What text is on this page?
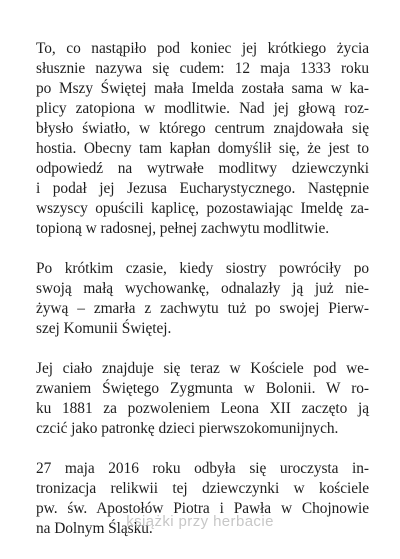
To, co nastąpiło pod koniec jej krótkiego życia
słusznie nazywa się cudem: 12 maja 1333 roku
po Mszy Świętej mała Imelda została sama w ka-
plicy zatopiona w modlitwie. Nad jej głową roz-
błysło światło, w którego centrum znajdowała się
hostia. Obecny tam kapłan domyślił się, że jest to
odpowiedź na wytrwałe modlitwy dziewczynki
i podał jej Jezusa Eucharystycznego. Następnie
wszyscy opuścili kaplicę, pozostawiając Imeldę za-
topioną w radosnej, pełnej zachwytu modlitwie.

Po krótkim czasie, kiedy siostry powróciły po
swoją małą wychowankę, odnalazły ją już nie-
żywą – zmarła z zachwytu tuż po swojej Pierw-
szej Komunii Świętej.

Jej ciało znajduje się teraz w Kościele pod we-
zwaniem Świętego Zygmunta w Bolonii. W ro-
ku 1881 za pozwoleniem Leona XII zaczęto ją
czcić jako patronkę dzieci pierwszokomunijnych.

27 maja 2016 roku odbyła się uroczysta in-
tronizacja relikwii tej dziewczynki w kościele
pw. św. Apostołów Piotra i Pawła w Chojnowie
na Dolnym Śląsku.

książki przy herbacie
